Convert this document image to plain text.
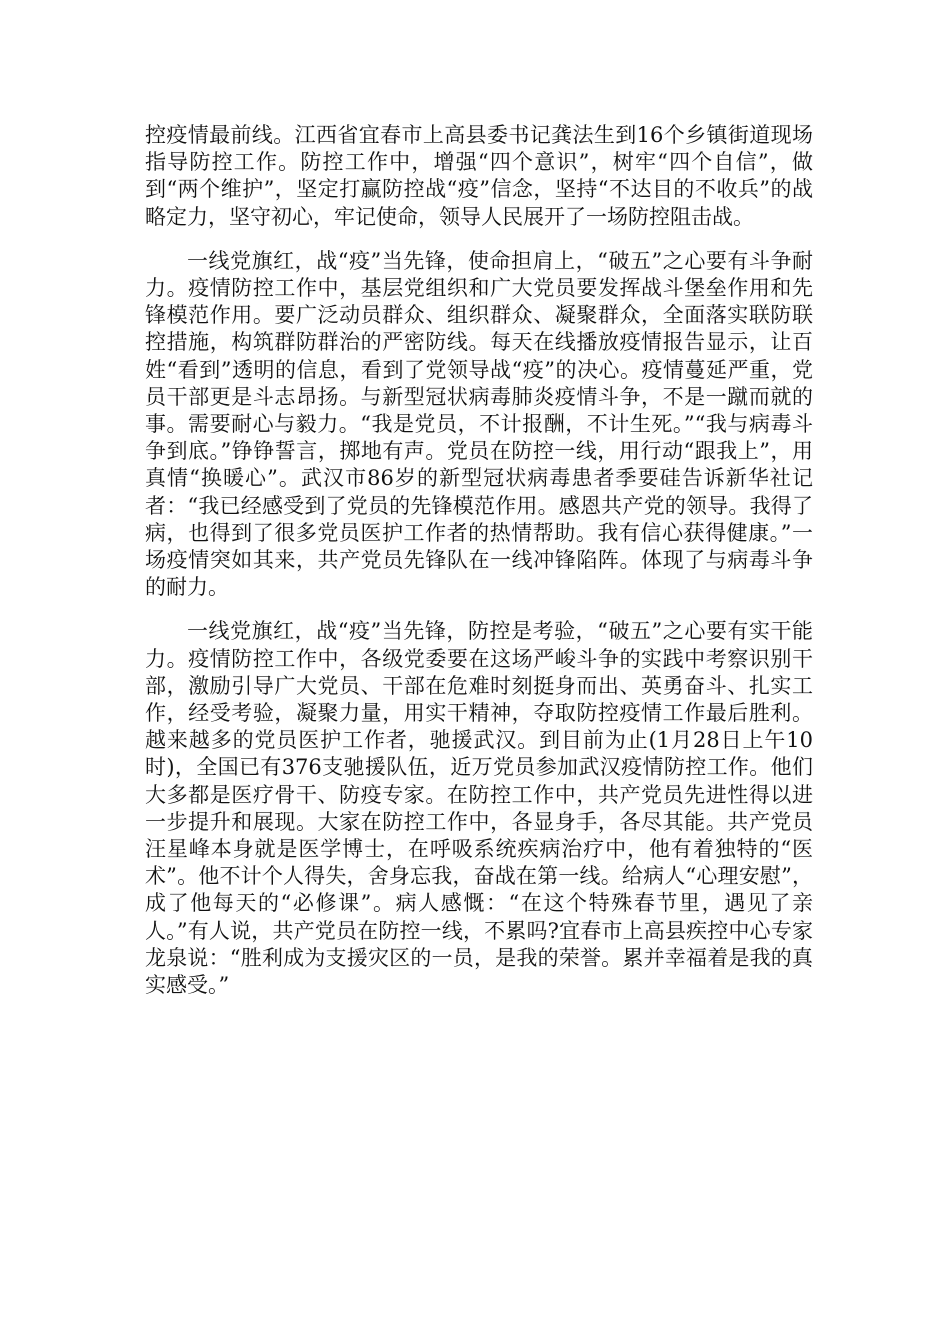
控疫情最前线。江西省宜春市上高县委书记龚法生到16个乡镇街道现场指导防控工作。防控工作中，增强“四个意识”，树牢“四个自信”，做到“两个维护”，坚定打赢防控战“疫”信念，坚持“不达目的不收兵”的战略定力，坚守初心，牢记使命，领导人民展开了一场防控阻击战。

一线党旗红，战“疫”当先锋，使命担肩上，“破五”之心要有斗争耐力。疫情防控工作中，基层党组织和广大党员要发挥战斗堡垒作用和先锋模范作用。要广泛动员群众、组织群众、凝聚群众，全面落实联防联控措施，构筑群防群治的严密防线。每天在线播放疫情报告显示，让百姓“看到”透明的信息，看到了党领导战“疫”的决心。疫情蔓延严重，党员干部更是斗志昂扬。与新型冠状病毒肺炎疫情斗争，不是一蹴而就的事。需要耐心与毅力。“我是党员，不计报酬，不计生死。”“我与病毒斗争到底。”铮铮誓言，掷地有声。党员在防控一线，用行动“跟我上”，用真情“换暖心”。武汉市86岁的新型冠状病毒患者季要硅告诉新华社记者：“我已经感受到了党员的先锋模范作用。感恩共产党的领导。我得了病，也得到了很多党员医护工作者的热情帮助。我有信心获得健康。”一场疫情突如其来，共产党员先锋队在一线冲锋陷阵。体现了与病毒斗争的耐力。

一线党旗红，战“疫”当先锋，防控是考验，“破五”之心要有实干能力。疫情防控工作中，各级党委要在这场严峻斗争的实践中考察识别干部，激励引导广大党员、干部在危难时刻挺身而出、英勇奋斗、扎实工作，经受考验，凝聚力量，用实干精神，夺取防控疫情工作最后胜利。越来越多的党员医护工作者，驰援武汉。到目前为止(1月28日上午10时)，全国已有376支驰援队伍，近万党员参加武汉疫情防控工作。他们大多都是医疗骨干、防疫专家。在防控工作中，共产党员先进性得以进一步提升和展现。大家在防控工作中，各显身手，各尽其能。共产党员汪星峰本身就是医学博士，在呼吸系统疾病治疗中，他有着独特的“医术”。他不计个人得失，舍身忘我，奋战在第一线。给病人“心理安慰”，成了他每天的“必修课”。病人感慨：“在这个特殊春节里，遇见了亲人。”有人说，共产党员在防控一线，不累吗?宜春市上高县疾控中心专家龙泉说：“胜利成为支援灾区的一员，是我的荣誉。累并幸福着是我的真实感受。”
